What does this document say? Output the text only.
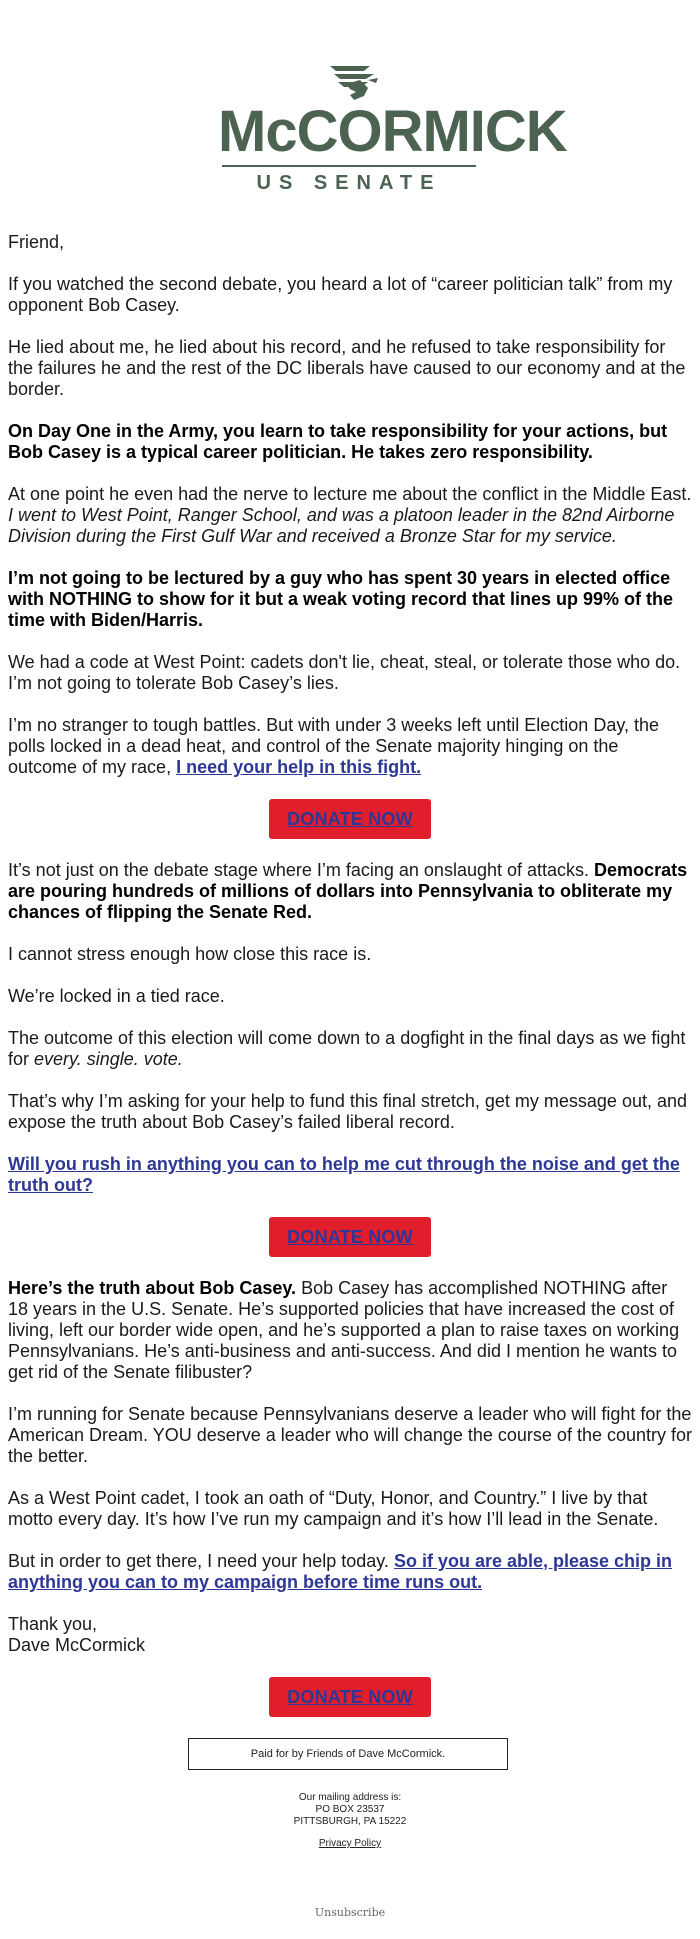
McCORMICK
US SENATE

Friend,

If you watched the second debate, you heard a lot of “career politician talk” from my opponent Bob Casey.

He lied about me, he lied about his record, and he refused to take responsibility for the failures he and the rest of the DC liberals have caused to our economy and at the border.

On Day One in the Army, you learn to take responsibility for your actions, but Bob Casey is a typical career politician. He takes zero responsibility.

At one point he even had the nerve to lecture me about the conflict in the Middle East.
I went to West Point, Ranger School, and was a platoon leader in the 82nd Airborne Division during the First Gulf War and received a Bronze Star for my service.

I’m not going to be lectured by a guy who has spent 30 years in elected office with NOTHING to show for it but a weak voting record that lines up 99% of the time with Biden/Harris.

We had a code at West Point: cadets don't lie, cheat, steal, or tolerate those who do. I’m not going to tolerate Bob Casey’s lies.

I’m no stranger to tough battles. But with under 3 weeks left until Election Day, the polls locked in a dead heat, and control of the Senate majority hinging on the outcome of my race, I need your help in this fight.

DONATE NOW

It’s not just on the debate stage where I’m facing an onslaught of attacks. Democrats are pouring hundreds of millions of dollars into Pennsylvania to obliterate my chances of flipping the Senate Red.

I cannot stress enough how close this race is.

We’re locked in a tied race.

The outcome of this election will come down to a dogfight in the final days as we fight for every. single. vote.

That’s why I’m asking for your help to fund this final stretch, get my message out, and expose the truth about Bob Casey’s failed liberal record.

Will you rush in anything you can to help me cut through the noise and get the truth out?

DONATE NOW

Here’s the truth about Bob Casey. Bob Casey has accomplished NOTHING after 18 years in the U.S. Senate. He’s supported policies that have increased the cost of living, left our border wide open, and he’s supported a plan to raise taxes on working Pennsylvanians. He’s anti-business and anti-success. And did I mention he wants to get rid of the Senate filibuster?

I’m running for Senate because Pennsylvanians deserve a leader who will fight for the American Dream. YOU deserve a leader who will change the course of the country for the better.

As a West Point cadet, I took an oath of “Duty, Honor, and Country.” I live by that motto every day. It’s how I’ve run my campaign and it’s how I’ll lead in the Senate.

But in order to get there, I need your help today. So if you are able, please chip in anything you can to my campaign before time runs out.

Thank you,
Dave McCormick

DONATE NOW
Paid for by Friends of Dave McCormick.
Our mailing address is:
PO BOX 23537
PITTSBURGH, PA 15222
Privacy Policy
Unsubscribe
